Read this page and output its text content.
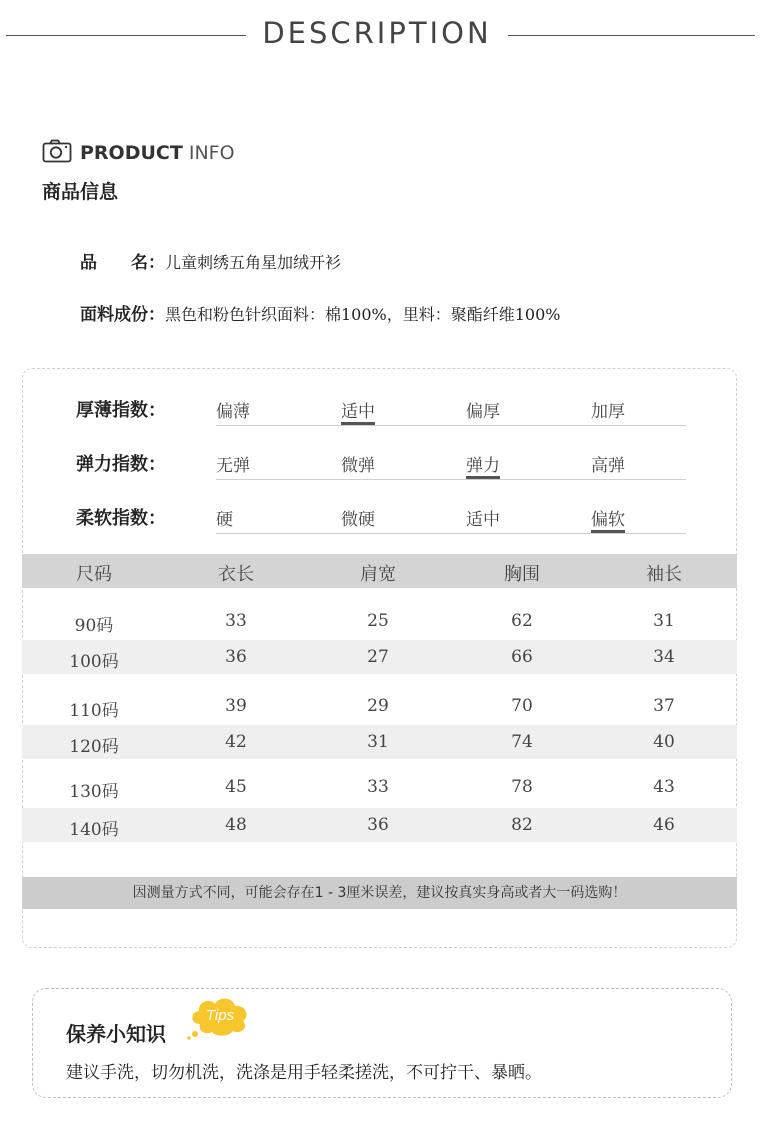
DESCRIPTION
PRODUCT INFO
商品信息
品　　名：儿童刺绣五角星加绒开衫
面料成份：黑色和粉色针织面料：棉100%，里料：聚酯纤维100%
厚薄指数：	偏薄	适中	偏厚	加厚
弹力指数：	无弹	微弹	弹力	高弹
柔软指数：	硬	微硬	适中	偏软
尺码	衣长	肩宽	胸围	袖长
90码	33	25	62	31
100码	36	27	66	34
110码	39	29	70	37
120码	42	31	74	40
130码	45	33	78	43
140码	48	36	82	46
因测量方式不同，可能会存在1 - 3厘米误差，建议按真实身高或者大一码选购！
保养小知识
Tips
建议手洗，切勿机洗，洗涤是用手轻柔搓洗，不可拧干、暴晒。
